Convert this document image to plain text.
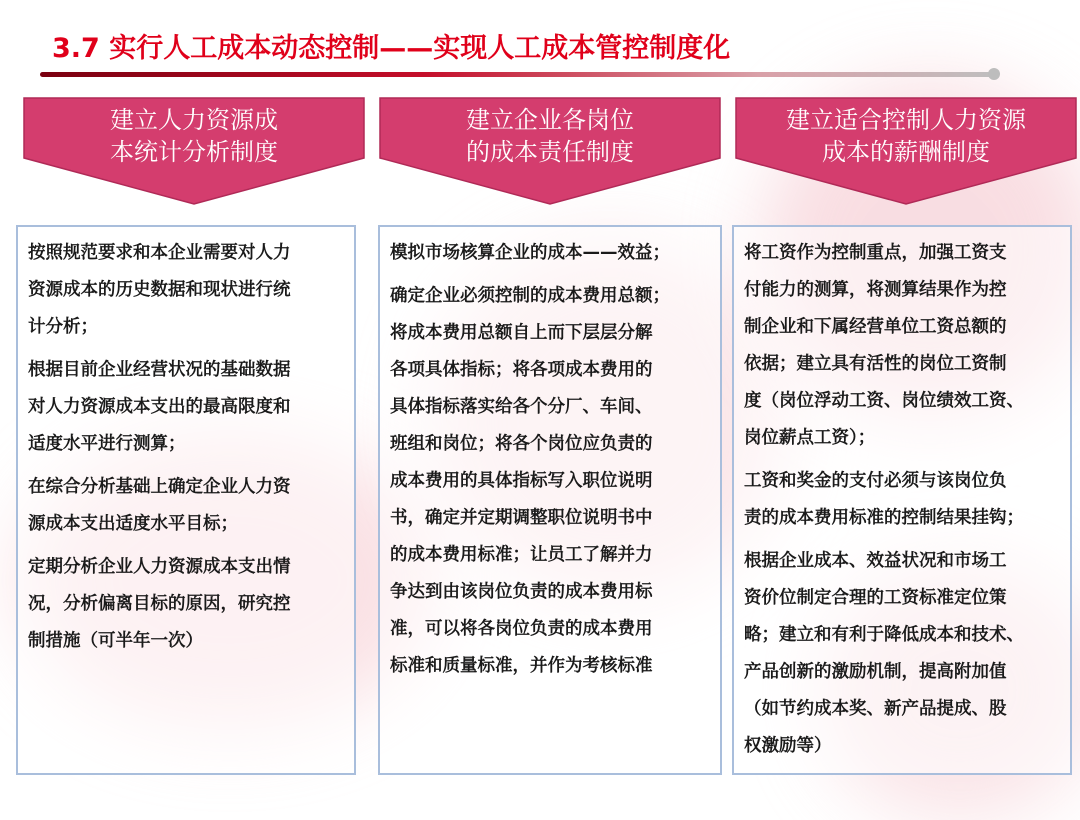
3.7 实行人工成本动态控制——实现人工成本管控制度化
建立人力资源成
本统计分析制度
按照规范要求和本企业需要对人力
资源成本的历史数据和现状进行统
计分析；
根据目前企业经营状况的基础数据
对人力资源成本支出的最高限度和
适度水平进行测算；
在综合分析基础上确定企业人力资
源成本支出适度水平目标；
定期分析企业人力资源成本支出情
况，分析偏离目标的原因，研究控
制措施（可半年一次）
建立企业各岗位
的成本责任制度
模拟市场核算企业的成本——效益；
确定企业必须控制的成本费用总额；
将成本费用总额自上而下层层分解
各项具体指标；将各项成本费用的
具体指标落实给各个分厂、车间、
班组和岗位；将各个岗位应负责的
成本费用的具体指标写入职位说明
书，确定并定期调整职位说明书中
的成本费用标准；让员工了解并力
争达到由该岗位负责的成本费用标
准，可以将各岗位负责的成本费用
标准和质量标准，并作为考核标准
建立适合控制人力资源
成本的薪酬制度
将工资作为控制重点，加强工资支
付能力的测算，将测算结果作为控
制企业和下属经营单位工资总额的
依据；建立具有活性的岗位工资制
度（岗位浮动工资、岗位绩效工资、
岗位薪点工资）；
工资和奖金的支付必须与该岗位负
责的成本费用标准的控制结果挂钩；
根据企业成本、效益状况和市场工
资价位制定合理的工资标准定位策
略；建立和有利于降低成本和技术、
产品创新的激励机制，提高附加值
（如节约成本奖、新产品提成、股
权激励等）
